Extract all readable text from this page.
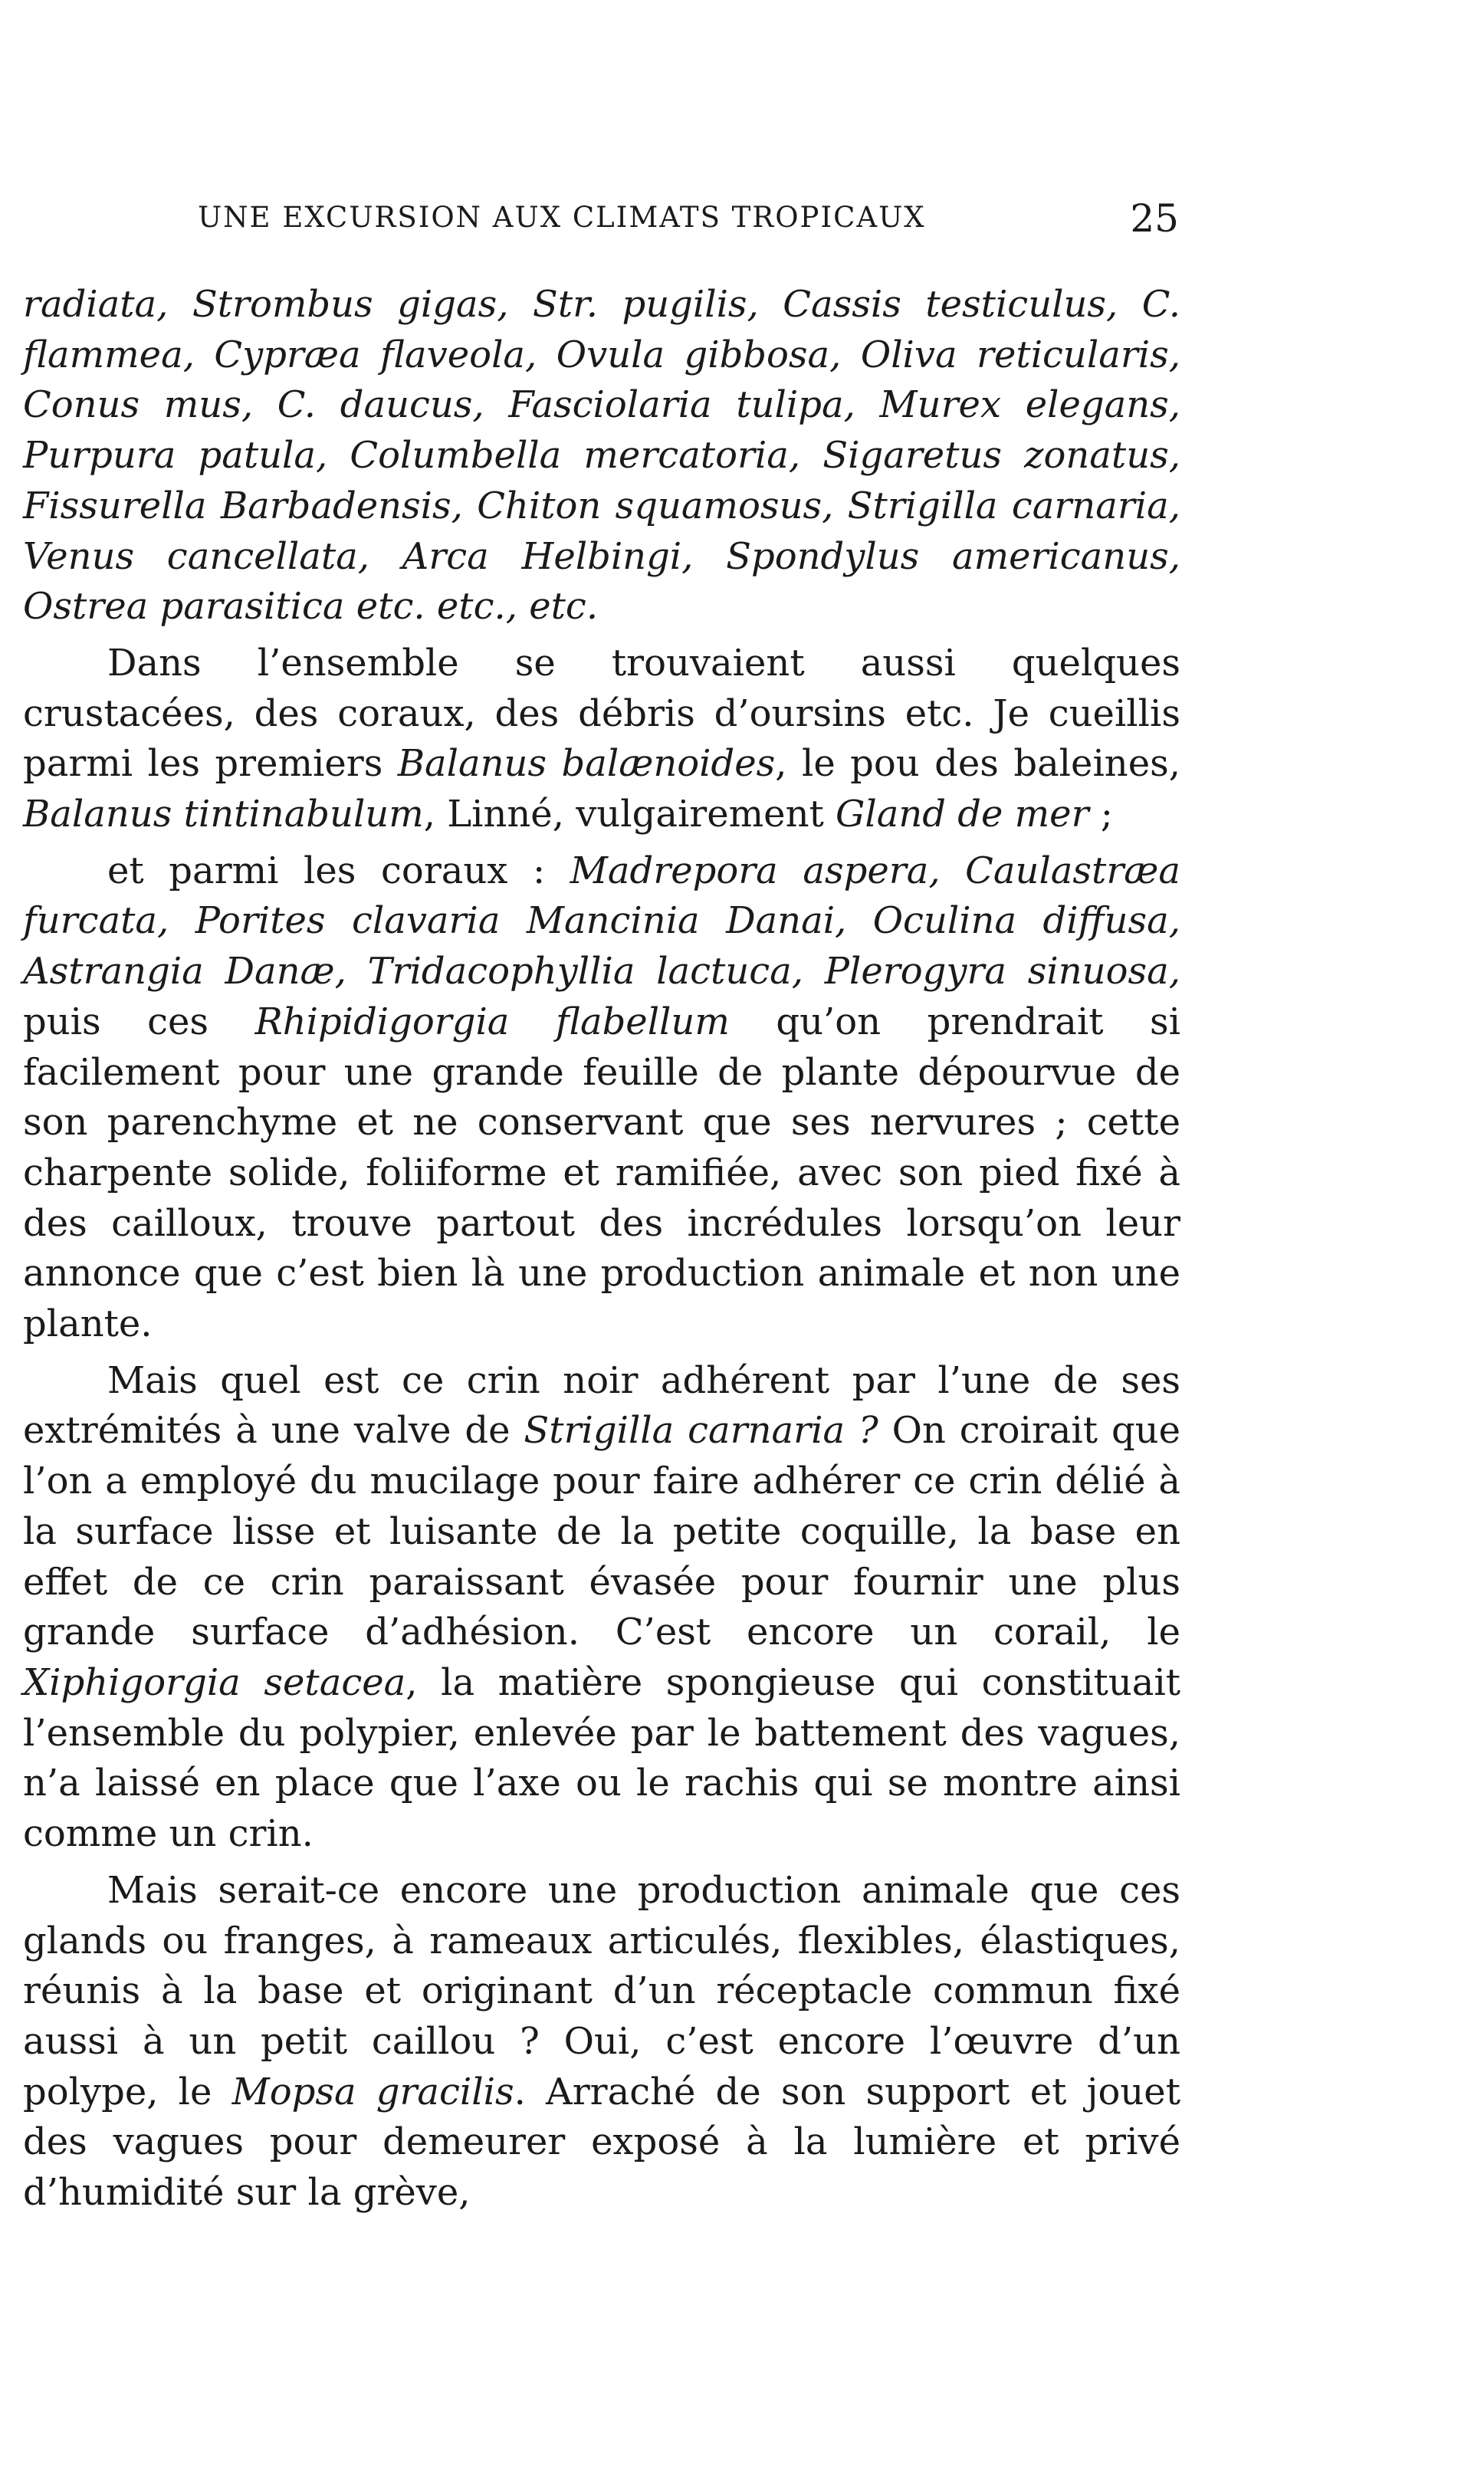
UNE EXCURSION AUX CLIMATS TROPICAUX	25

radiata, Strombus gigas, Str. pugilis, Cassis testiculus, C. flammea, Cypræa flaveola, Ovula gibbosa, Oliva reticularis, Conus mus, C. daucus, Fasciolaria tulipa, Murex elegans, Purpura patula, Columbella mercatoria, Sigaretus zonatus, Fissurella Barbadensis, Chiton squamosus, Strigilla carnaria, Venus cancellata, Arca Helbingi, Spondylus americanus, Ostrea parasitica etc. etc., etc.

Dans l’ensemble se trouvaient aussi quelques crustacées, des coraux, des débris d’oursins etc. Je cueillis parmi les premiers Balanus balænoides, le pou des baleines, Balanus tintinabulum, Linné, vulgairement Gland de mer ;

et parmi les coraux : Madrepora aspera, Caulastræa furcata, Porites clavaria Mancinia Danai, Oculina diffusa, Astrangia Danæ, Tridacophyllia lactuca, Plerogyra sinuosa, puis ces Rhipidigorgia flabellum qu’on prendrait si facilement pour une grande feuille de plante dépourvue de son parenchyme et ne conservant que ses nervures ; cette charpente solide, foliiforme et ramifiée, avec son pied fixé à des cailloux, trouve partout des incrédules lorsqu’on leur annonce que c’est bien là une production animale et non une plante.

Mais quel est ce crin noir adhérent par l’une de ses extrémités à une valve de Strigilla carnaria ? On croirait que l’on a employé du mucilage pour faire adhérer ce crin délié à la surface lisse et luisante de la petite coquille, la base en effet de ce crin paraissant évasée pour fournir une plus grande surface d’adhésion. C’est encore un corail, le Xiphigorgia setacea, la matière spongieuse qui constituait l’ensemble du polypier, enlevée par le battement des vagues, n’a laissé en place que l’axe ou le rachis qui se montre ainsi comme un crin.

Mais serait-ce encore une production animale que ces glands ou franges, à rameaux articulés, flexibles, élastiques, réunis à la base et originant d’un réceptacle commun fixé aussi à un petit caillou ? Oui, c’est encore l’œuvre d’un polype, le Mopsa gracilis. Arraché de son support et jouet des vagues pour demeurer exposé à la lumière et privé d’humidité sur la grève,
